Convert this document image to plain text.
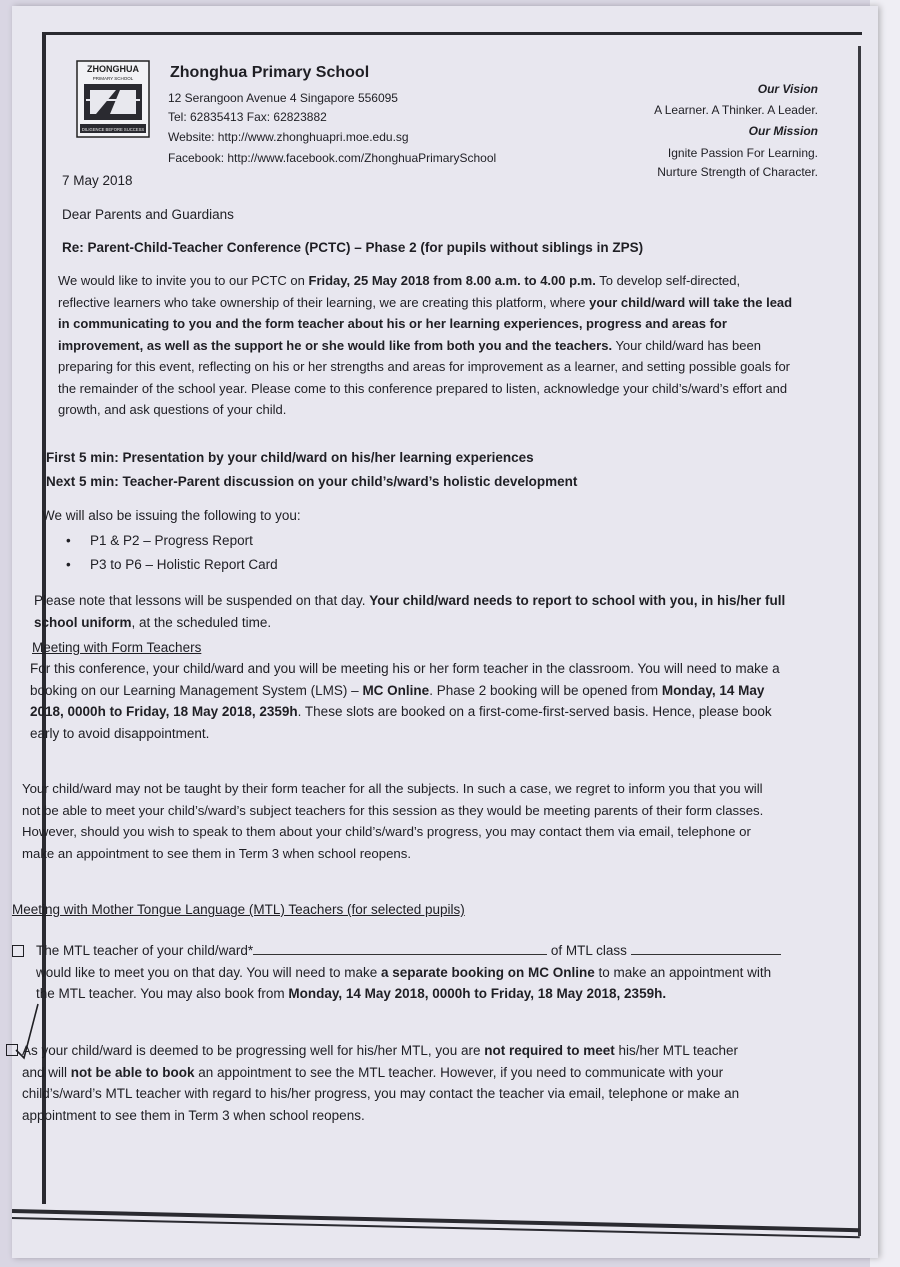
ZHONGHUA
PRIMARY SCHOOL
DILIGENCE BEFORE SUCCESS
Zhonghua Primary School
12 Serangoon Avenue 4 Singapore 556095
Tel: 62835413 Fax: 62823882
Website: http://www.zhonghuapri.moe.edu.sg
Facebook: http://www.facebook.com/ZhonghuaPrimarySchool
Our Vision
A Learner. A Thinker. A Leader.
Our Mission
Ignite Passion For Learning.
Nurture Strength of Character.
7 May 2018
Dear Parents and Guardians
Re: Parent-Child-Teacher Conference (PCTC) – Phase 2 (for pupils without siblings in ZPS)
We would like to invite you to our PCTC on Friday, 25 May 2018 from 8.00 a.m. to 4.00 p.m. To develop self-directed,
reflective learners who take ownership of their learning, we are creating this platform, where your child/ward will take the lead
in communicating to you and the form teacher about his or her learning experiences, progress and areas for
improvement, as well as the support he or she would like from both you and the teachers. Your child/ward has been
preparing for this event, reflecting on his or her strengths and areas for improvement as a learner, and setting possible goals for
the remainder of the school year. Please come to this conference prepared to listen, acknowledge your child’s/ward’s effort and
growth, and ask questions of your child.
First 5 min: Presentation by your child/ward on his/her learning experiences
Next 5 min: Teacher-Parent discussion on your child’s/ward’s holistic development
We will also be issuing the following to you:
• P1 & P2 – Progress Report
• P3 to P6 – Holistic Report Card
Please note that lessons will be suspended on that day. Your child/ward needs to report to school with you, in his/her full
school uniform, at the scheduled time.
Meeting with Form Teachers
For this conference, your child/ward and you will be meeting his or her form teacher in the classroom. You will need to make a
booking on our Learning Management System (LMS) – MC Online. Phase 2 booking will be opened from Monday, 14 May
2018, 0000h to Friday, 18 May 2018, 2359h. These slots are booked on a first-come-first-served basis. Hence, please book
early to avoid disappointment.
Your child/ward may not be taught by their form teacher for all the subjects. In such a case, we regret to inform you that you will
not be able to meet your child’s/ward’s subject teachers for this session as they would be meeting parents of their form classes.
However, should you wish to speak to them about your child’s/ward’s progress, you may contact them via email, telephone or
make an appointment to see them in Term 3 when school reopens.
Meeting with Mother Tongue Language (MTL) Teachers (for selected pupils)
The MTL teacher of your child/ward*	of MTL class
would like to meet you on that day. You will need to make a separate booking on MC Online to make an appointment with
the MTL teacher. You may also book from Monday, 14 May 2018, 0000h to Friday, 18 May 2018, 2359h.
As your child/ward is deemed to be progressing well for his/her MTL, you are not required to meet his/her MTL teacher
and will not be able to book an appointment to see the MTL teacher. However, if you need to communicate with your
child’s/ward’s MTL teacher with regard to his/her progress, you may contact the teacher via email, telephone or make an
appointment to see them in Term 3 when school reopens.
